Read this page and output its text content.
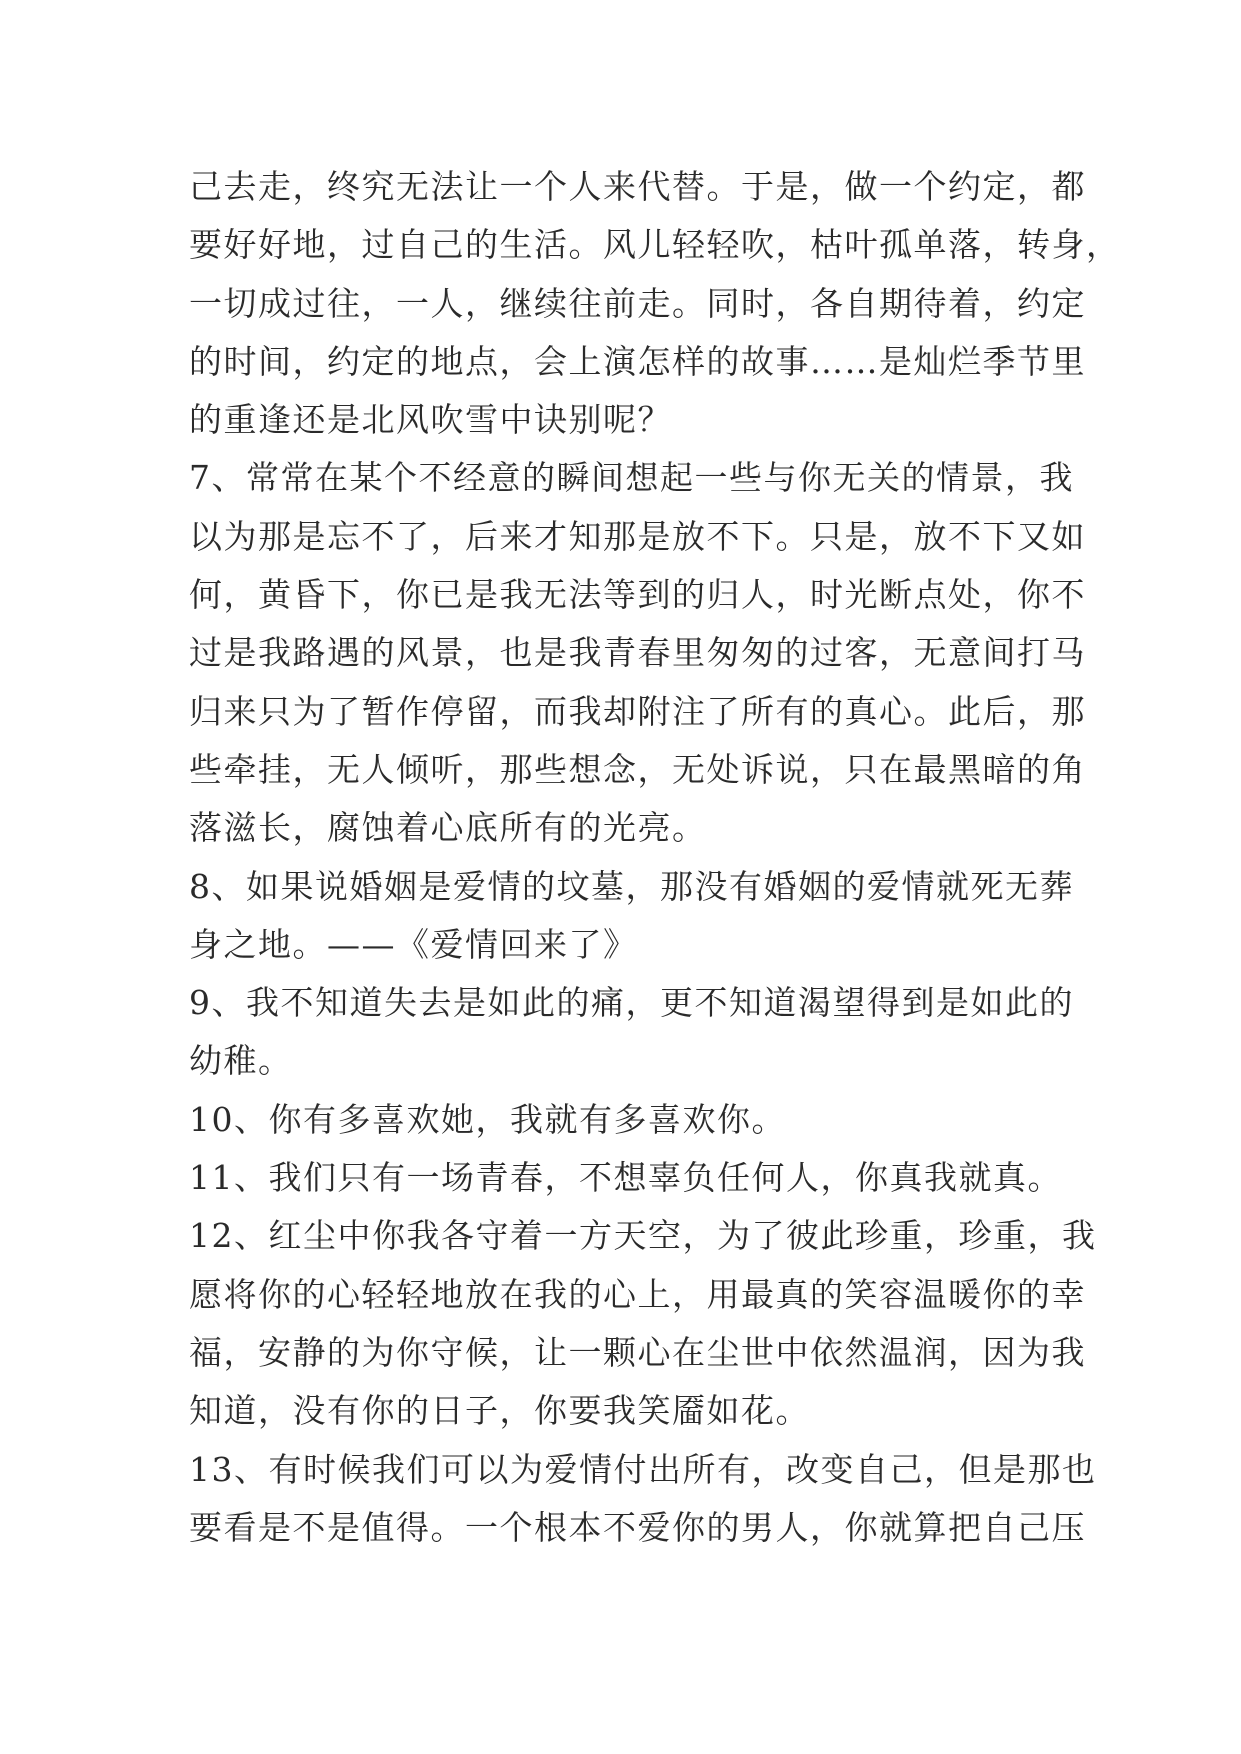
己去走，终究无法让一个人来代替。于是，做一个约定，都
要好好地，过自己的生活。风儿轻轻吹，枯叶孤单落，转身，
一切成过往，一人，继续往前走。同时，各自期待着，约定
的时间，约定的地点，会上演怎样的故事……是灿烂季节里
的重逢还是北风吹雪中诀别呢？
7、常常在某个不经意的瞬间想起一些与你无关的情景，我
以为那是忘不了，后来才知那是放不下。只是，放不下又如
何，黄昏下，你已是我无法等到的归人，时光断点处，你不
过是我路遇的风景，也是我青春里匆匆的过客，无意间打马
归来只为了暂作停留，而我却附注了所有的真心。此后，那
些牵挂，无人倾听，那些想念，无处诉说，只在最黑暗的角
落滋长，腐蚀着心底所有的光亮。
8、如果说婚姻是爱情的坟墓，那没有婚姻的爱情就死无葬
身之地。——《爱情回来了》
9、我不知道失去是如此的痛，更不知道渴望得到是如此的
幼稚。
10、你有多喜欢她，我就有多喜欢你。
11、我们只有一场青春，不想辜负任何人，你真我就真。
12、红尘中你我各守着一方天空，为了彼此珍重，珍重，我
愿将你的心轻轻地放在我的心上，用最真的笑容温暖你的幸
福，安静的为你守候，让一颗心在尘世中依然温润，因为我
知道，没有你的日子，你要我笑靥如花。
13、有时候我们可以为爱情付出所有，改变自己，但是那也
要看是不是值得。一个根本不爱你的男人，你就算把自己压
